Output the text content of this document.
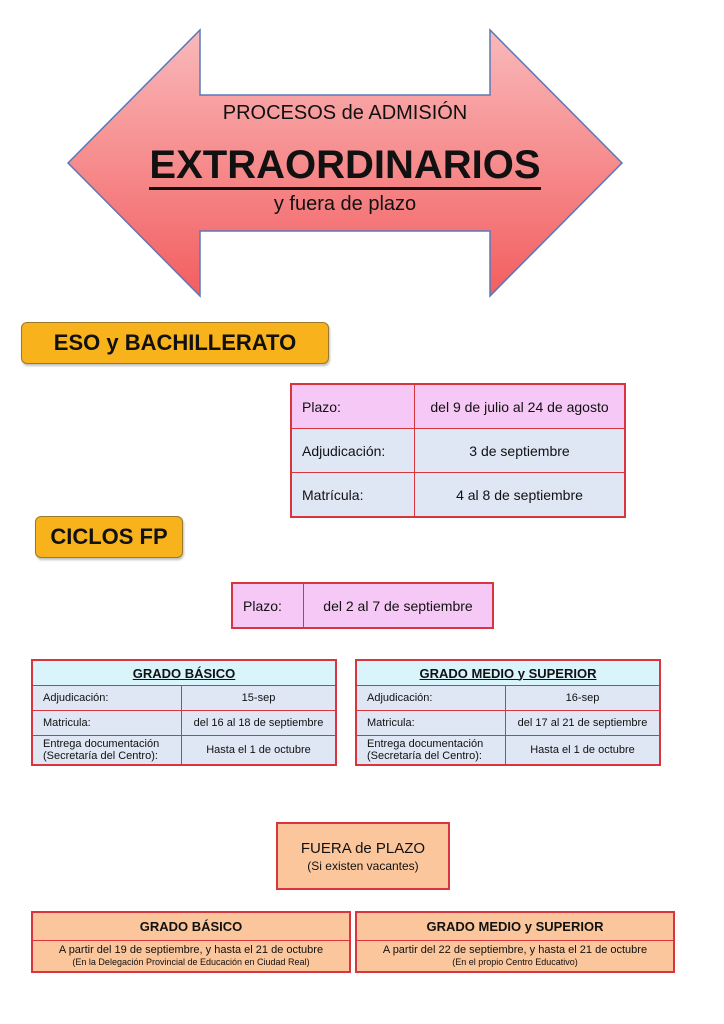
PROCESOS de ADMISIÓN
EXTRAORDINARIOS
y fuera de plazo
ESO y BACHILLERATO
Plazo:	del 9 de julio al 24 de agosto
Adjudicación:	3 de septiembre
Matrícula:	4 al 8 de septiembre
CICLOS FP
Plazo:	del 2 al 7 de septiembre
GRADO BÁSICO	
Adjudicación:	15-sep
Matricula:	del 16 al 18 de septiembre

Entrega documentación
(Secretaría del Centro):	Hasta el 1 de octubre
GRADO MEDIO y SUPERIOR	
Adjudicación:	16-sep
Matricula:	del 17 al 21 de septiembre

Entrega documentación
(Secretaría del Centro):	Hasta el 1 de octubre
FUERA de PLAZO
(Si existen vacantes)
GRADO BÁSICO
A partir del 19 de septiembre, y hasta el 21 de octubre
(En la Delegación Provincial de Educación en Ciudad Real)
GRADO MEDIO y SUPERIOR
A partir del 22 de septiembre, y hasta el 21 de octubre
(En el propio Centro Educativo)
